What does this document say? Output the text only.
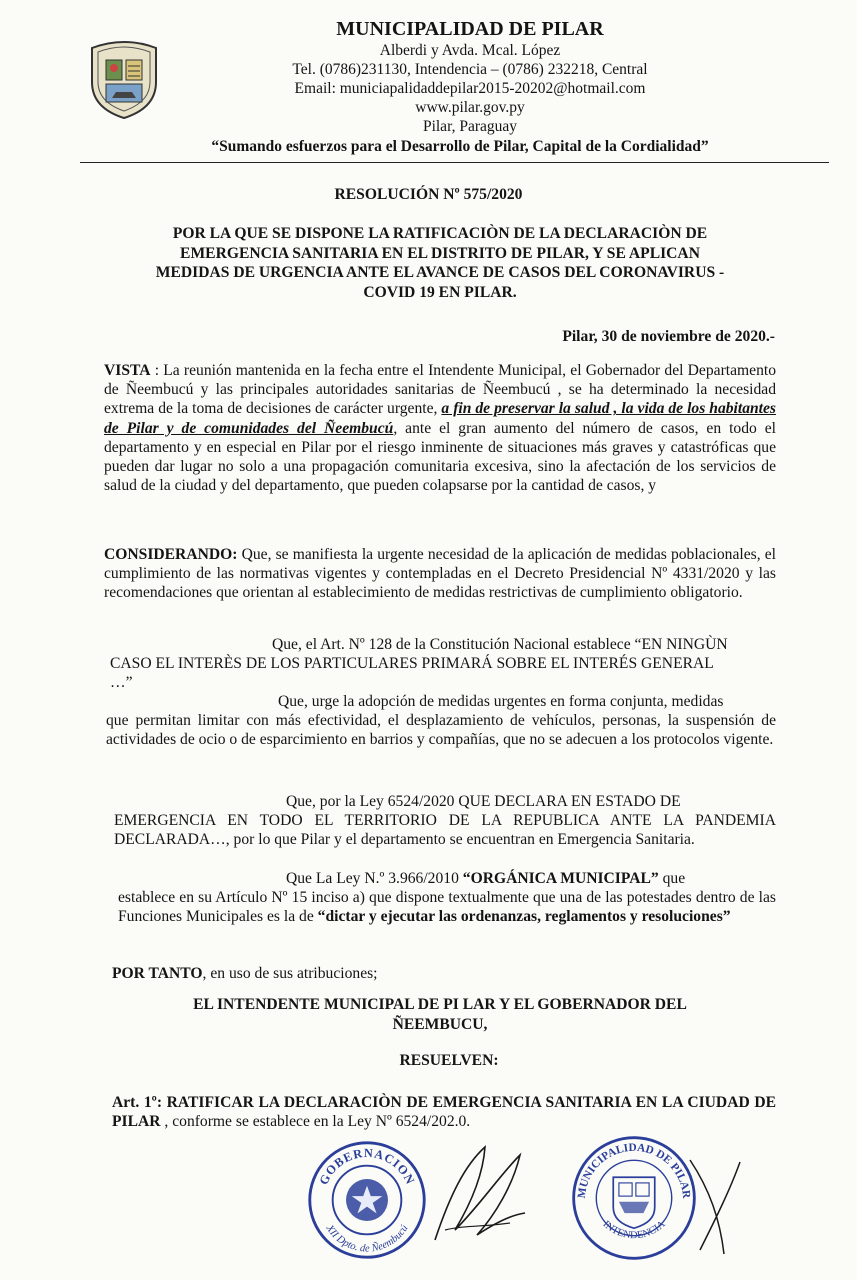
MUNICIPALIDAD DE PILAR
Alberdi y Avda. Mcal. López
Tel. (0786)231130, Intendencia – (0786) 232218, Central
Email: municiapalidaddepilar2015-20202@hotmail.com
www.pilar.gov.py
Pilar, Paraguay
“Sumando esfuerzos para el Desarrollo de Pilar, Capital de la Cordialidad”
RESOLUCIÓN Nº 575/2020
POR LA QUE SE DISPONE LA RATIFICACIÒN DE LA DECLARACIÒN DE
EMERGENCIA SANITARIA EN EL DISTRITO DE PILAR, Y SE APLICAN
MEDIDAS DE URGENCIA ANTE EL AVANCE DE CASOS DEL CORONAVIRUS -
COVID 19 EN PILAR.
Pilar, 30 de noviembre de 2020.-
VISTA : La reunión mantenida en la fecha entre el Intendente Municipal, el Gobernador del Departamento de Ñeembucú y las principales autoridades sanitarias de Ñeembucú , se ha determinado la necesidad extrema de la toma de decisiones de carácter urgente, a fin de preservar la salud , la vida de los habitantes de Pilar y de comunidades del Ñeembucú, ante el gran aumento del número de casos, en todo el departamento y en especial en Pilar por el riesgo inminente de situaciones más graves y catastróficas que pueden dar lugar no solo a una propagación comunitaria excesiva, sino la afectación de los servicios de salud de la ciudad y del departamento, que pueden colapsarse por la cantidad de casos, y
CONSIDERANDO: Que, se manifiesta la urgente necesidad de la aplicación de medidas poblacionales, el cumplimiento de las normativas vigentes y contempladas en el Decreto Presidencial Nº 4331/2020 y las recomendaciones que orientan al establecimiento de medidas restrictivas de cumplimiento obligatorio.
Que, el Art. Nº 128 de la Constitución Nacional establece “EN NINGÙN
CASO EL INTERÈS DE LOS PARTICULARES PRIMARÁ SOBRE EL INTERÉS GENERAL
…”
Que, urge la adopción de medidas urgentes en forma conjunta, medidas
que permitan limitar con más efectividad, el desplazamiento de vehículos, personas, la suspensión de actividades de ocio o de esparcimiento en barrios y compañías, que no se adecuen a los protocolos vigente.
Que, por la Ley 6524/2020 QUE DECLARA EN ESTADO DE
EMERGENCIA EN TODO EL TERRITORIO DE LA REPUBLICA ANTE LA PANDEMIA DECLARADA…, por lo que Pilar y el departamento se encuentran en Emergencia Sanitaria.
Que La Ley N.º 3.966/2010 “ORGÁNICA MUNICIPAL” que
establece en su Artículo Nº 15 inciso a) que dispone textualmente que una de las potestades dentro de las Funciones Municipales es la de “dictar y ejecutar las ordenanzas, reglamentos y resoluciones”
POR TANTO, en uso de sus atribuciones;
EL INTENDENTE MUNICIPAL DE PI LAR Y EL GOBERNADOR DEL
ÑEEMBUCU,
RESUELVEN:
Art. 1º: RATIFICAR LA DECLARACIÒN DE EMERGENCIA SANITARIA EN LA CIUDAD DE PILAR , conforme se establece en la Ley Nº 6524/202.0.
GOBERNACION
XII Dpto. de Ñeembucú
MUNICIPALIDAD DE PILAR
INTENDENCIA
